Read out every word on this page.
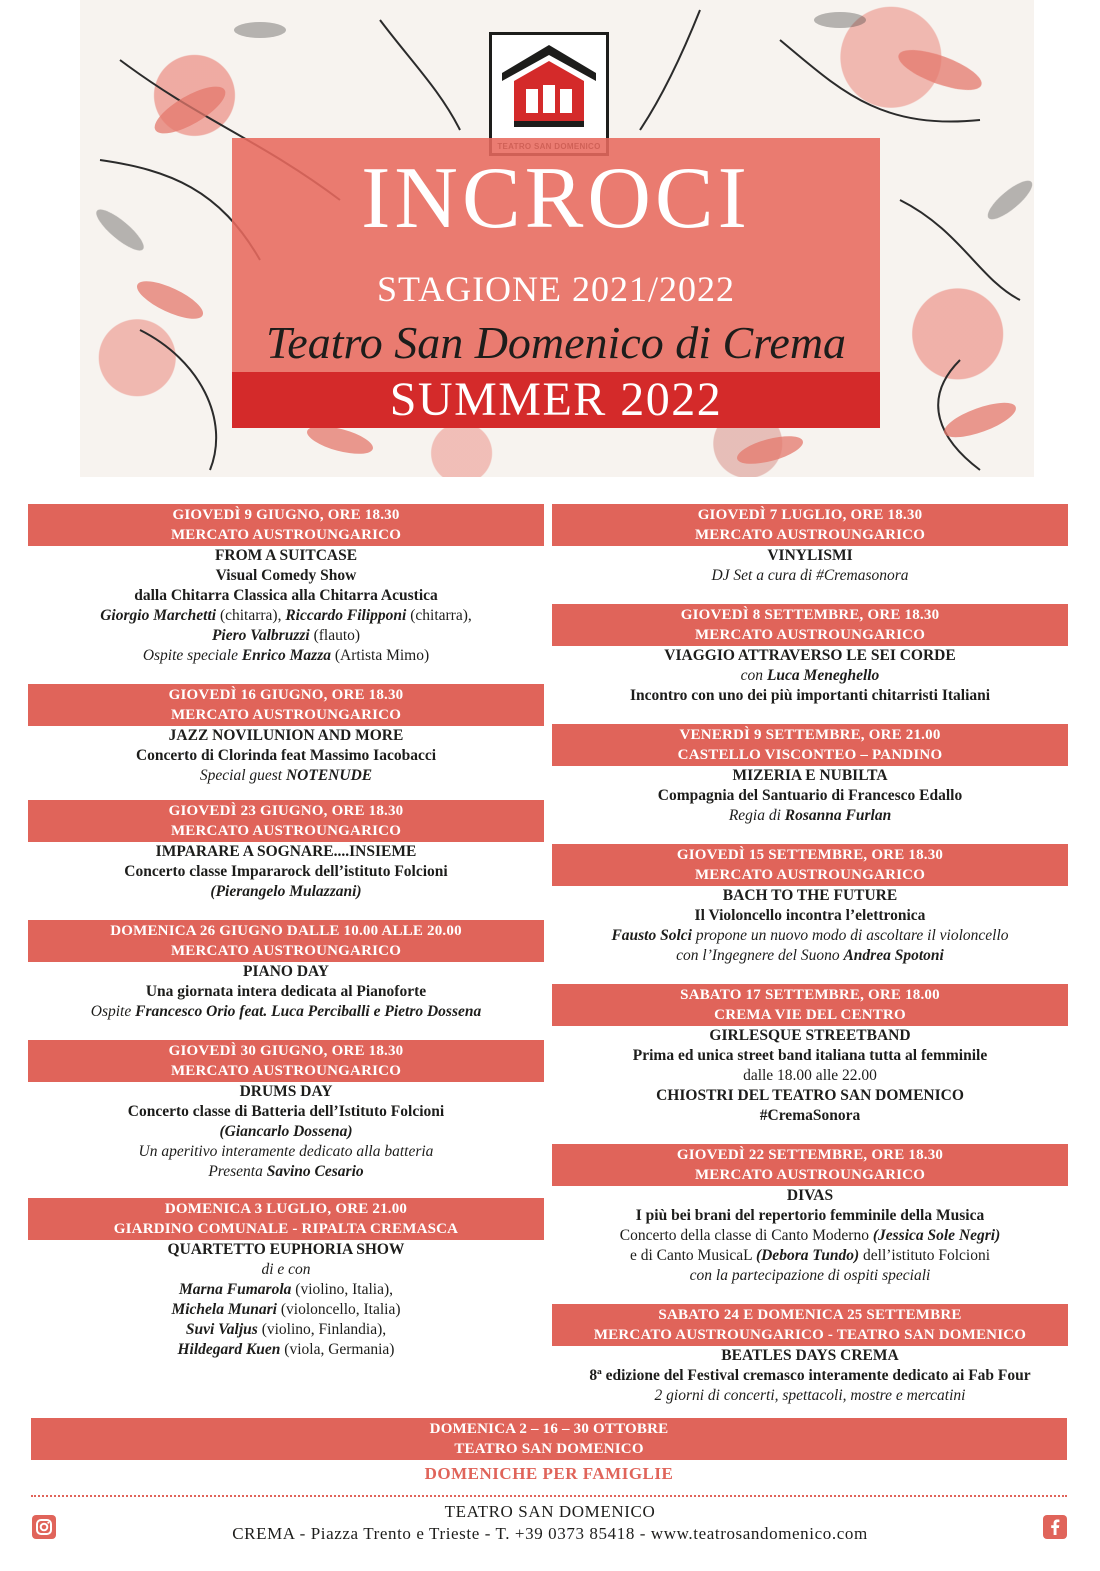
INCROCI
STAGIONE 2021/2022
Teatro San Domenico di Crema
SUMMER 2022
GIOVEDÌ 9 GIUGNO, ORE 18.30
MERCATO AUSTROUNGARICO
FROM A SUITCASE
Visual Comedy Show
dalla Chitarra Classica alla Chitarra Acustica
Giorgio Marchetti (chitarra), Riccardo Filipponi (chitarra),
Piero Valbruzzi (flauto)
Ospite speciale Enrico Mazza (Artista Mimo)
GIOVEDÌ 16 GIUGNO, ORE 18.30
MERCATO AUSTROUNGARICO
JAZZ NOVILUNION AND MORE
Concerto di Clorinda feat Massimo Iacobacci
Special guest NOTENUDE
GIOVEDÌ 23 GIUGNO, ORE 18.30
MERCATO AUSTROUNGARICO
IMPARARE A SOGNARE....INSIEME
Concerto classe Impararock dell’istituto Folcioni
(Pierangelo Mulazzani)
DOMENICA 26 GIUGNO DALLE 10.00 ALLE 20.00
MERCATO AUSTROUNGARICO
PIANO DAY
Una giornata intera dedicata al Pianoforte
Ospite Francesco Orio feat. Luca Perciballi e Pietro Dossena
GIOVEDÌ 30 GIUGNO, ORE 18.30
MERCATO AUSTROUNGARICO
DRUMS DAY
Concerto classe di Batteria dell’Istituto Folcioni
(Giancarlo Dossena)
Un aperitivo interamente dedicato alla batteria
Presenta Savino Cesario
DOMENICA 3 LUGLIO, ORE 21.00
GIARDINO COMUNALE - RIPALTA CREMASCA
QUARTETTO EUPHORIA SHOW
di e con
Marna Fumarola (violino, Italia),
Michela Munari (violoncello, Italia)
Suvi Valjus (violino, Finlandia),
Hildegard Kuen (viola, Germania)
GIOVEDÌ 7 LUGLIO, ORE 18.30
MERCATO AUSTROUNGARICO
VINYLISMI
DJ Set a cura di #Cremasonora
GIOVEDÌ 8 SETTEMBRE, ORE 18.30
MERCATO AUSTROUNGARICO
VIAGGIO ATTRAVERSO LE SEI CORDE
con Luca Meneghello
Incontro con uno dei più importanti chitarristi Italiani
VENERDÌ 9 SETTEMBRE, ORE 21.00
CASTELLO VISCONTEO – PANDINO
MIZERIA E NUBILTA
Compagnia del Santuario di Francesco Edallo
Regia di Rosanna Furlan
GIOVEDÌ 15 SETTEMBRE, ORE 18.30
MERCATO AUSTROUNGARICO
BACH TO THE FUTURE
Il Violoncello incontra l’elettronica
Fausto Solci propone un nuovo modo di ascoltare il violoncello
con l’Ingegnere del Suono Andrea Spotoni
SABATO 17 SETTEMBRE, ORE 18.00
CREMA VIE DEL CENTRO
GIRLESQUE STREETBAND
Prima ed unica street band italiana tutta al femminile
dalle 18.00 alle 22.00
CHIOSTRI DEL TEATRO SAN DOMENICO
#CremaSonora
GIOVEDÌ 22 SETTEMBRE, ORE 18.30
MERCATO AUSTROUNGARICO
DIVAS
I più bei brani del repertorio femminile della Musica
Concerto della classe di Canto Moderno (Jessica Sole Negri)
e di Canto MusicaL (Debora Tundo) dell’istituto Folcioni
con la partecipazione di ospiti speciali
SABATO 24 E DOMENICA 25 SETTEMBRE
MERCATO AUSTROUNGARICO - TEATRO SAN DOMENICO
BEATLES DAYS CREMA
8ª edizione del Festival cremasco interamente dedicato ai Fab Four
2 giorni di concerti, spettacoli, mostre e mercatini
DOMENICA 2 – 16 – 30 OTTOBRE
TEATRO SAN DOMENICO
DOMENICHE PER FAMIGLIE
TEATRO SAN DOMENICO
CREMA - Piazza Trento e Trieste - T. +39 0373 85418 - www.teatrosandomenico.com
